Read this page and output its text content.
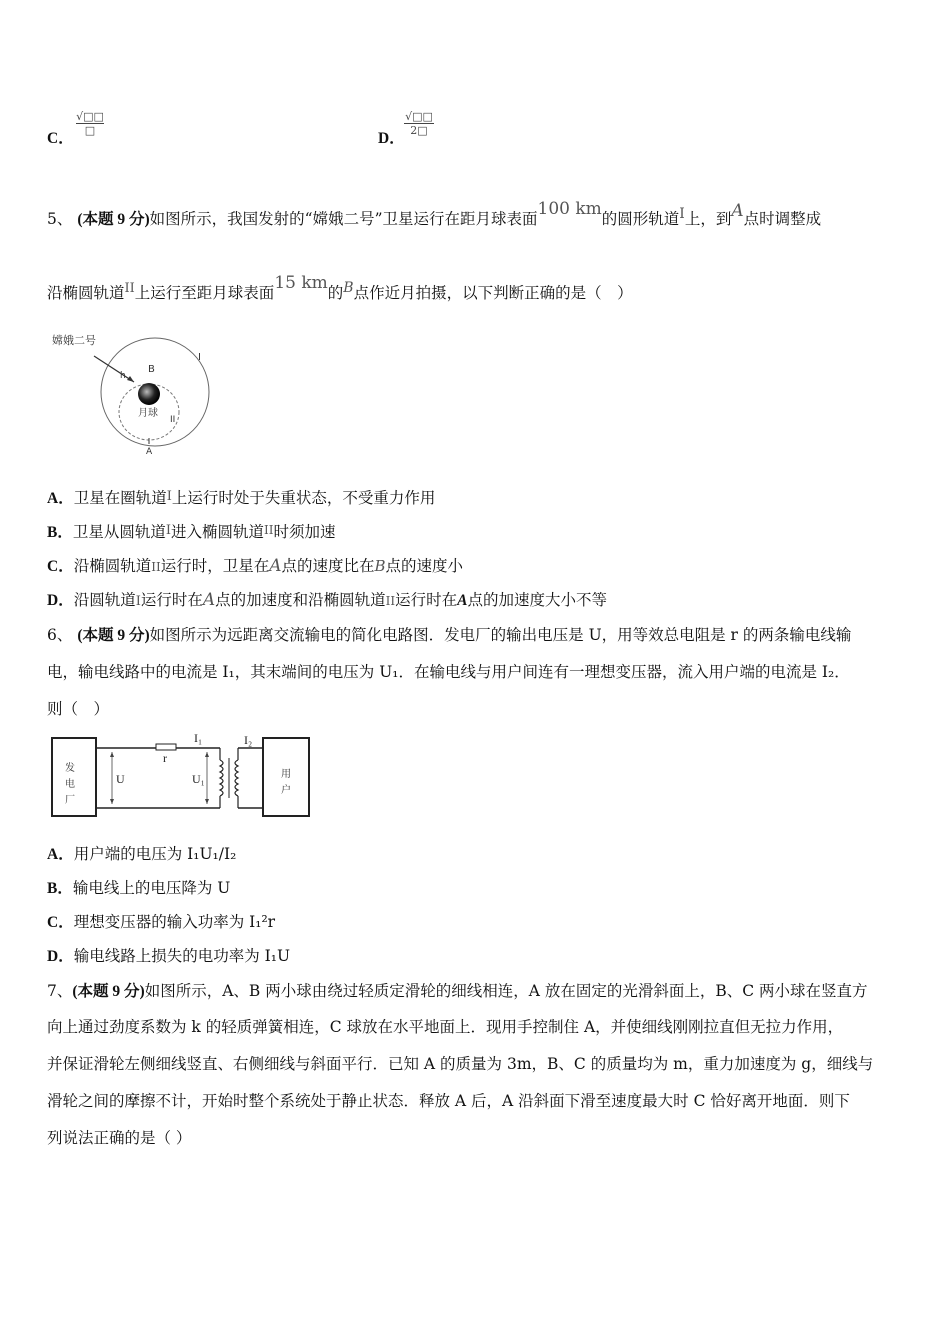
C．
√□□
□	D．
√□□
2□
5、 (本题 9 分)如图所示，我国发射的“嫦娥二号”卫星运行在距月球表面100 km的圆形轨道I上，到A点时调整成
沿椭圆轨道$^{II}$上运行至距月球表面15 km的B点作近月拍摄，以下判断正确的是（　）
嫦娥二号
B
h
月球
I
II
A
A．卫星在圈轨道I上运行时处于失重状态，不受重力作用
B．卫星从圆轨道I进入椭圆轨道II时须加速
C．沿椭圆轨道II运行时，卫星在A点的速度比在B点的速度小
D．沿圆轨道I运行时在A点的加速度和沿椭圆轨道II运行时在A点的加速度大小不等
6、 (本题 9 分)如图所示为远距离交流输电的简化电路图．发电厂的输出电压是 U，用等效总电阻是 r 的两条输电线输
电，输电线路中的电流是 I₁，其末端间的电压为 U₁．在输电线与用户间连有一理想变压器，流入用户端的电流是 I₂．
则（　）
发电厂	用户
U	U₁
r
I₁	I₂
A．用户端的电压为 I₁U₁/I₂
B．输电线上的电压降为 U
C．理想变压器的输入功率为 I₁²r
D．输电线路上损失的电功率为 I₁U
7、(本题 9 分)如图所示，A、B 两小球由绕过轻质定滑轮的细线相连，A 放在固定的光滑斜面上，B、C 两小球在竖直方
向上通过劲度系数为 k 的轻质弹簧相连，C 球放在水平地面上．现用手控制住 A，并使细线刚刚拉直但无拉力作用，
并保证滑轮左侧细线竖直、右侧细线与斜面平行．已知 A 的质量为 3m，B、C 的质量均为 m，重力加速度为 g，细线与
滑轮之间的摩擦不计，开始时整个系统处于静止状态．释放 A 后，A 沿斜面下滑至速度最大时 C 恰好离开地面．则下
列说法正确的是（ ）
